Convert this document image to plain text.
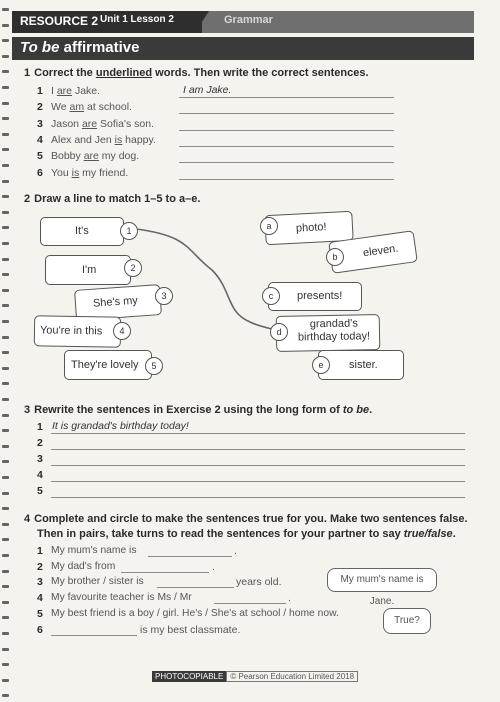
RESOURCE 2 Unit 1 Lesson 2	Grammar
To be affirmative
1 Correct the underlined words. Then write the correct sentences.
1 I are Jake.	I am Jake.
2 We am at school.
3 Jason are Sofia's son.
4 Alex and Jen is happy.
5 Bobby are my dog.
6 You is my friend.
2 Draw a line to match 1–5 to a–e.
It's	1
I'm	2
She's my	3
You're in this	4
They're lovely	5
photo!
a
eleven.
b
presents!
c
grandad's birthday today!
d
sister.
e
3 Rewrite the sentences in Exercise 2 using the long form of to be.
1 It is grandad's birthday today!
2
3
4
5
4 Complete and circle to make the sentences true for you. Make two sentences false.
Then in pairs, take turns to read the sentences for your partner to say true/false.
1 My mum's name is	.
2 My dad's from	.
3 My brother / sister is	years old.
4 My favourite teacher is Ms / Mr	.
5 My best friend is a boy / girl. He's / She's at school / home now.
6	is my best classmate.
My mum's name is Jane.
True?
PHOTOCOPIABLE © Pearson Education Limited 2018
